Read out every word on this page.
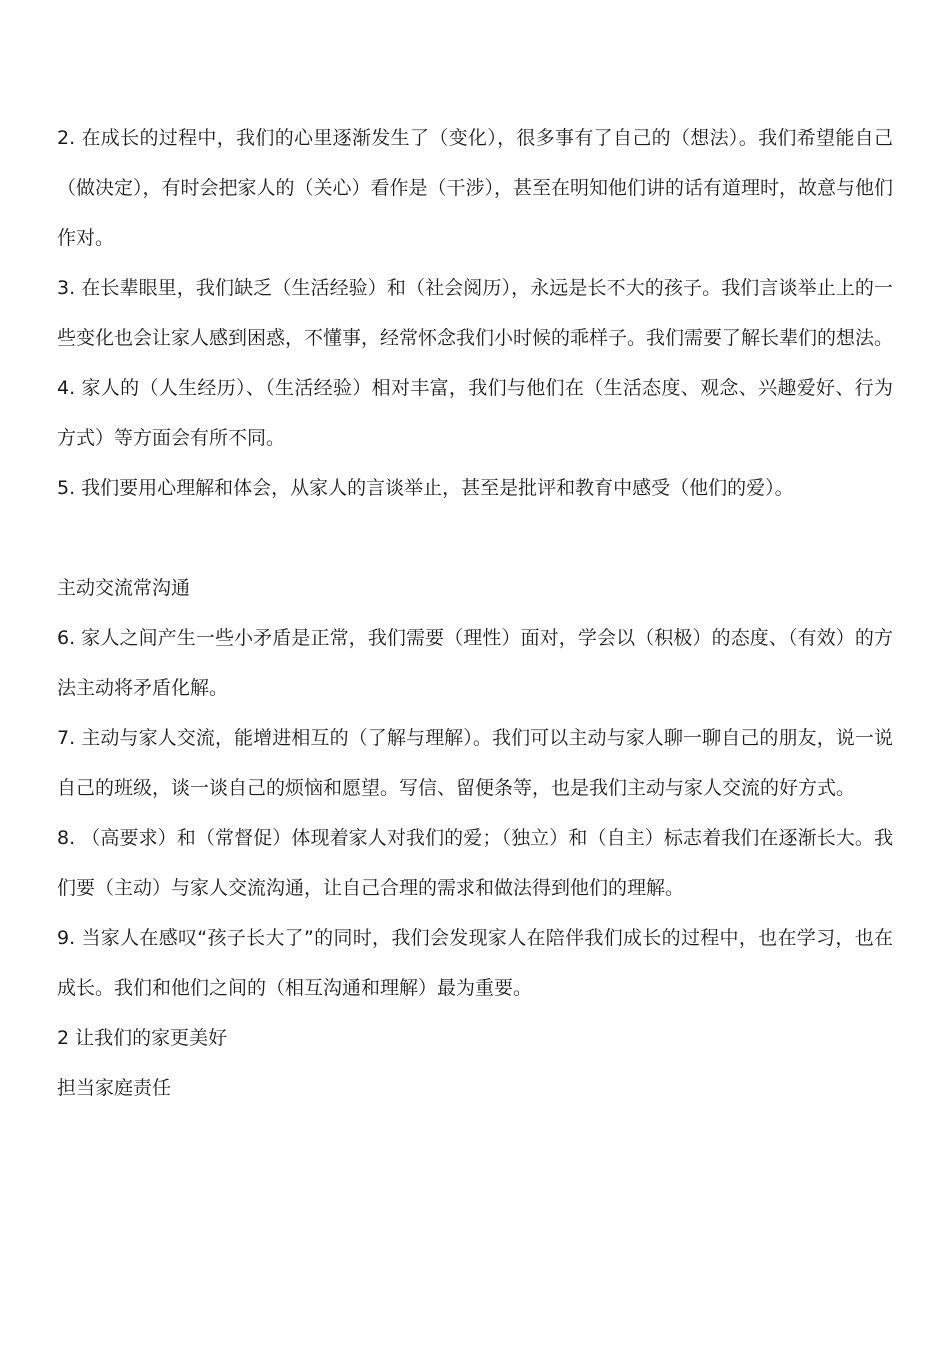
2. 在成长的过程中，我们的心里逐渐发生了（变化），很多事有了自己的（想法）。我们希望能自己（做决定），有时会把家人的（关心）看作是（干涉），甚至在明知他们讲的话有道理时，故意与他们作对。

3. 在长辈眼里，我们缺乏（生活经验）和（社会阅历），永远是长不大的孩子。我们言谈举止上的一些变化也会让家人感到困惑，不懂事，经常怀念我们小时候的乖样子。我们需要了解长辈们的想法。

4. 家人的（人生经历）、（生活经验）相对丰富，我们与他们在（生活态度、观念、兴趣爱好、行为方式）等方面会有所不同。

5. 我们要用心理解和体会，从家人的言谈举止，甚至是批评和教育中感受（他们的爱）。

主动交流常沟通

6. 家人之间产生一些小矛盾是正常，我们需要（理性）面对，学会以（积极）的态度、（有效）的方法主动将矛盾化解。

7. 主动与家人交流，能增进相互的（了解与理解）。我们可以主动与家人聊一聊自己的朋友，说一说自己的班级，谈一谈自己的烦恼和愿望。写信、留便条等，也是我们主动与家人交流的好方式。

8. （高要求）和（常督促）体现着家人对我们的爱；（独立）和（自主）标志着我们在逐渐长大。我们要（主动）与家人交流沟通，让自己合理的需求和做法得到他们的理解。

9. 当家人在感叹“孩子长大了”的同时，我们会发现家人在陪伴我们成长的过程中，也在学习，也在成长。我们和他们之间的（相互沟通和理解）最为重要。

2 让我们的家更美好

担当家庭责任
